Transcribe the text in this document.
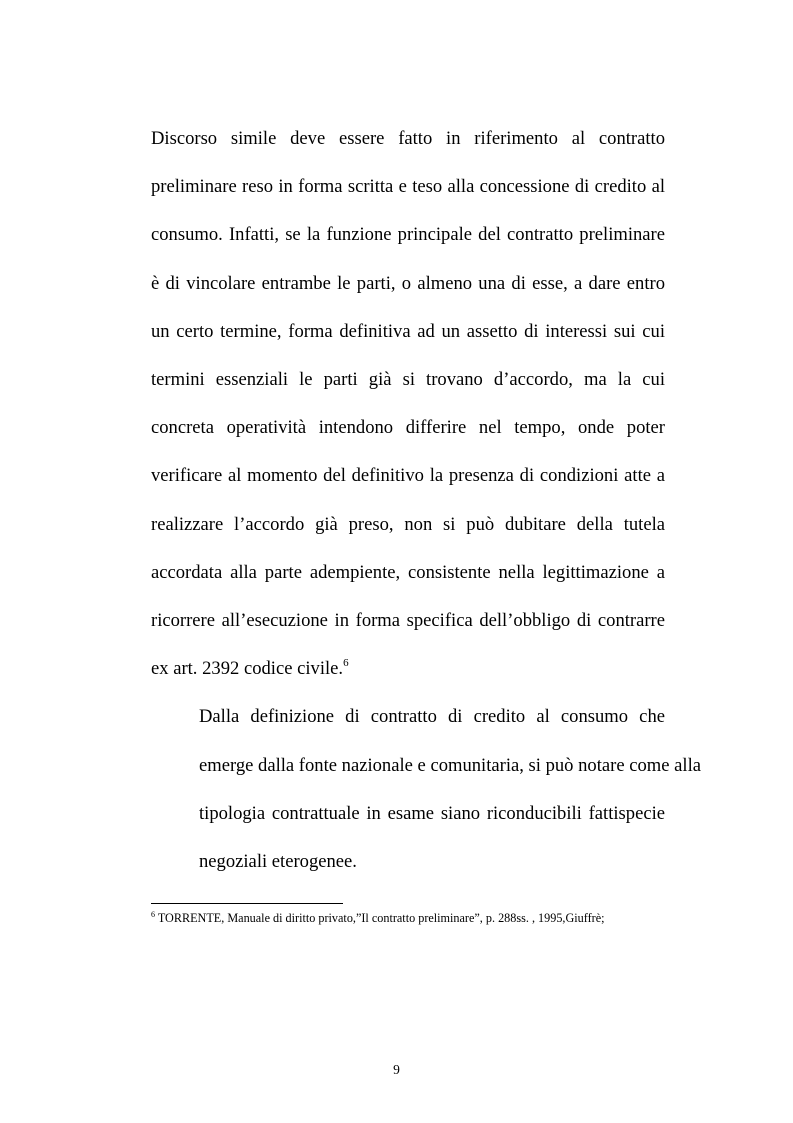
Discorso simile deve essere fatto in riferimento al contratto
preliminare reso in forma scritta e teso alla concessione di credito al
consumo. Infatti, se la funzione principale del contratto preliminare
è di vincolare entrambe le parti, o almeno una di esse, a dare entro
un certo termine, forma definitiva ad un assetto di interessi sui cui
termini essenziali le parti già si trovano d’accordo, ma la cui
concreta operatività intendono differire nel tempo, onde poter
verificare al momento del definitivo la presenza di condizioni atte a
realizzare l’accordo già preso, non si può dubitare della tutela
accordata alla parte adempiente, consistente nella legittimazione a
ricorrere all’esecuzione in forma specifica dell’obbligo di contrarre
ex art. 2392 codice civile.$^6$

Dalla definizione di contratto di credito al consumo che
emerge dalla fonte nazionale e comunitaria, si può notare come alla
tipologia contrattuale in esame siano riconducibili fattispecie
negoziali eterogenee.

$^6$ TORRENTE, Manuale di diritto privato,”Il contratto preliminare”, p. 288ss. , 1995,Giuffrè;
9
